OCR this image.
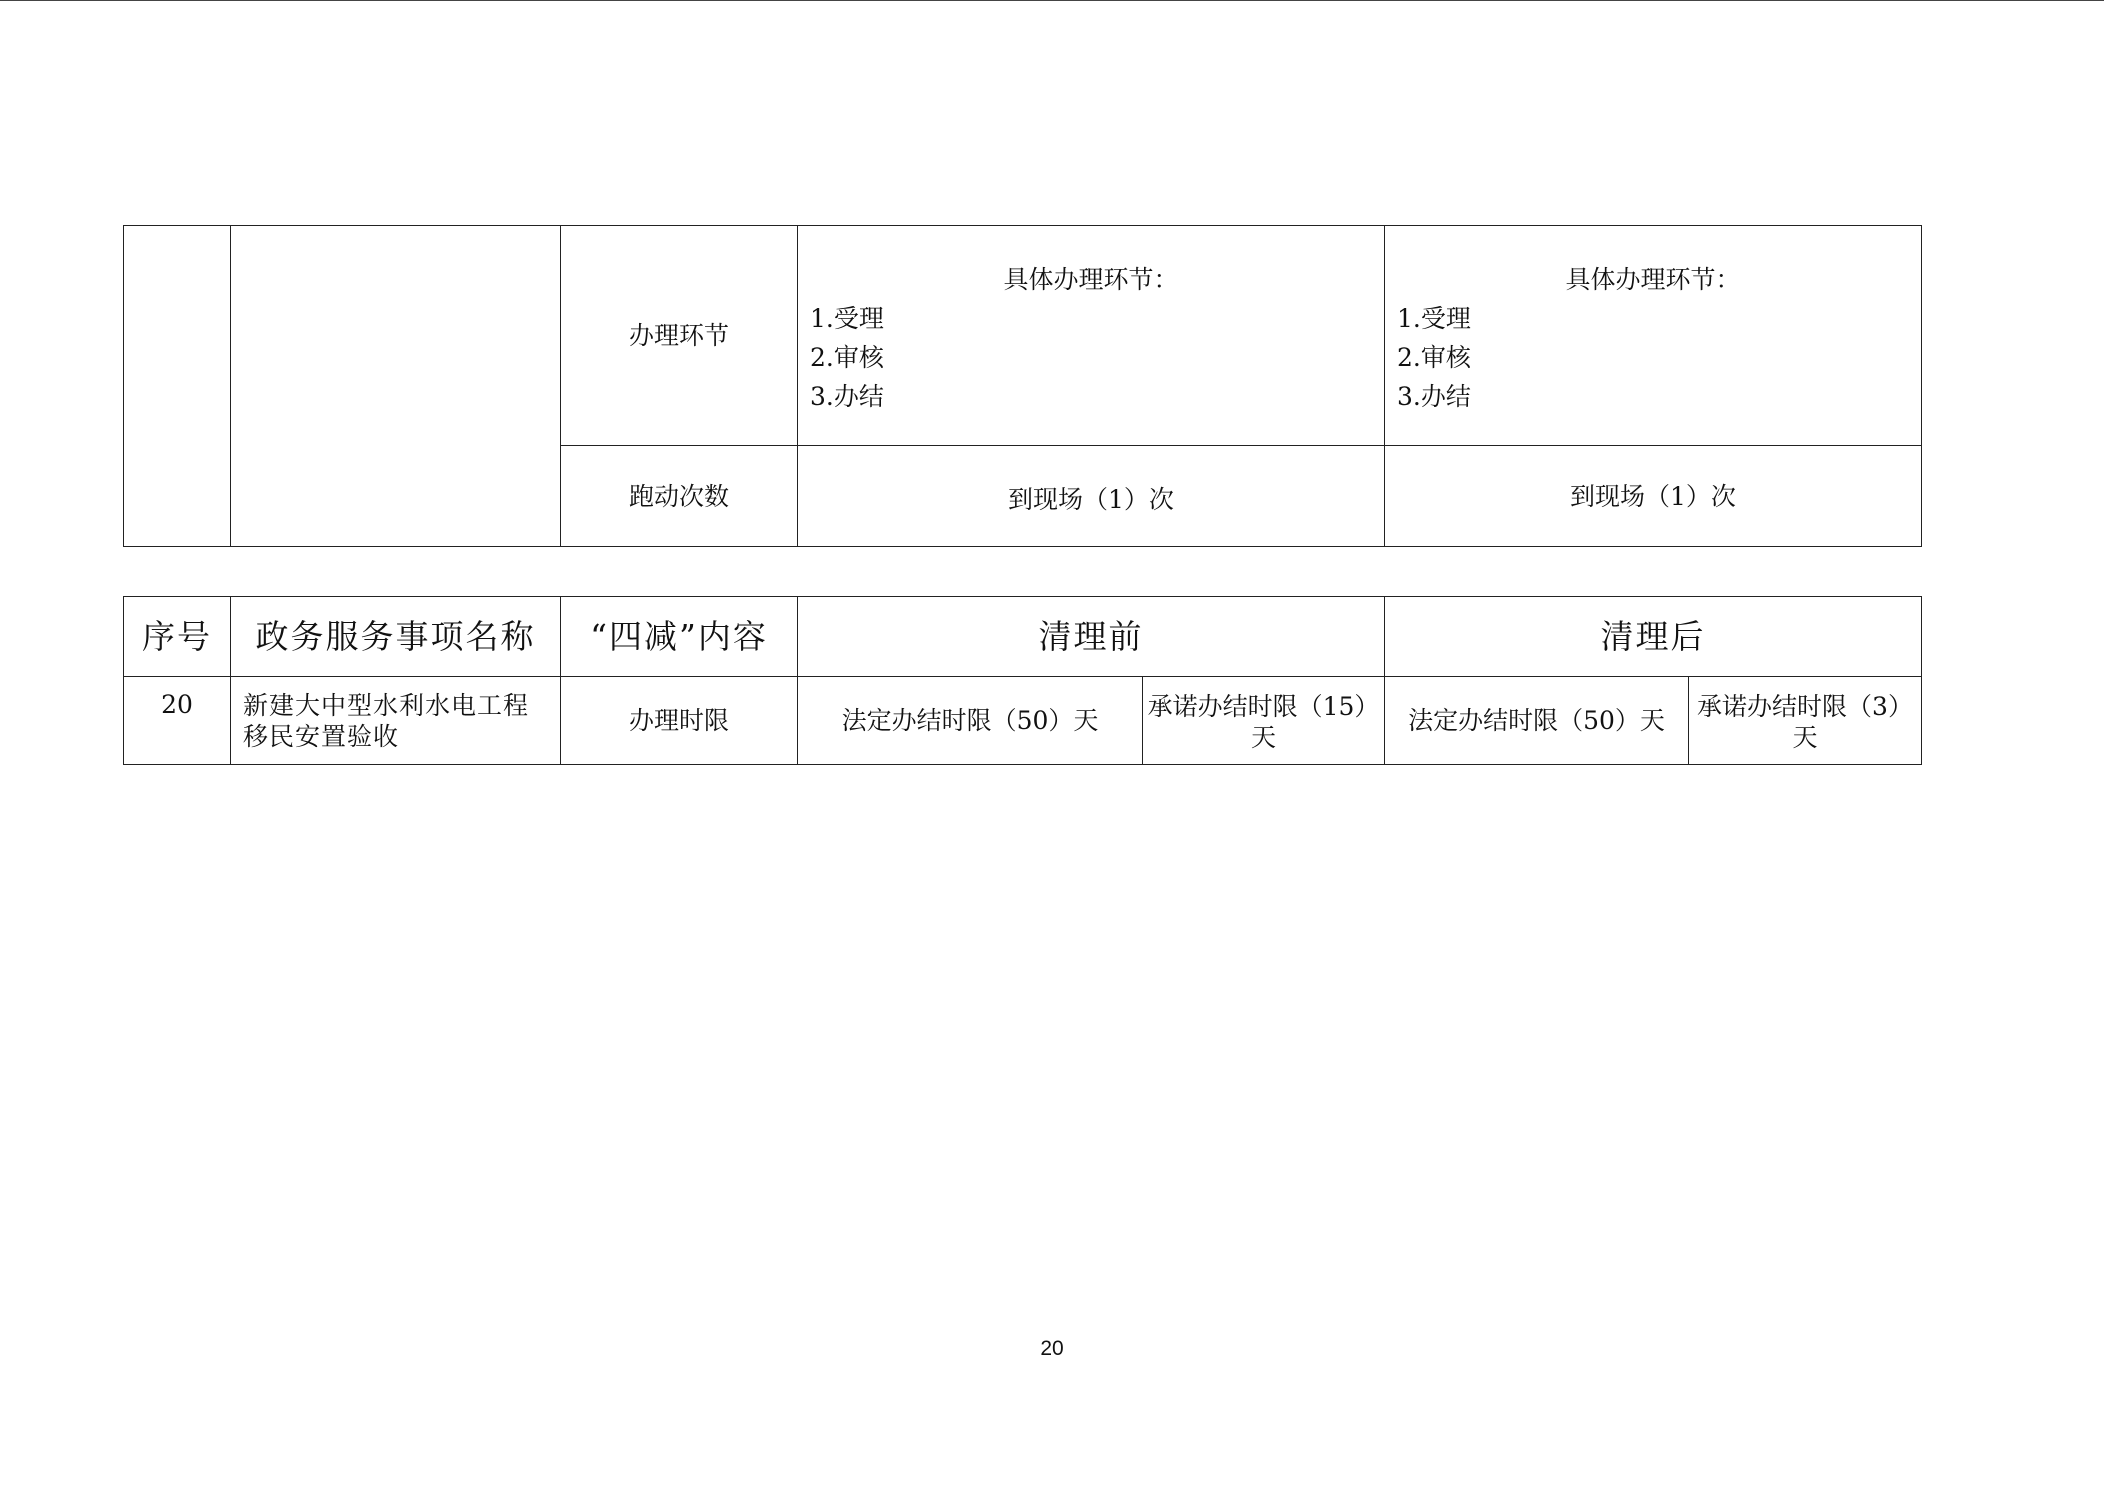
		办理环节	具体办理环节：
1.受理
2.审核
3.办结	具体办理环节：
1.受理
2.审核
3.办结

		跑动次数	到现场（1）次	到现场（1）次
序号	政务服务事项名称	“四减”内容	清理前		清理后	
20	新建大中型水利水电工程移民安置验收	办理时限	法定办结时限（50）天	承诺办结时限（15）天	法定办结时限（50）天	承诺办结时限（3）天
20
